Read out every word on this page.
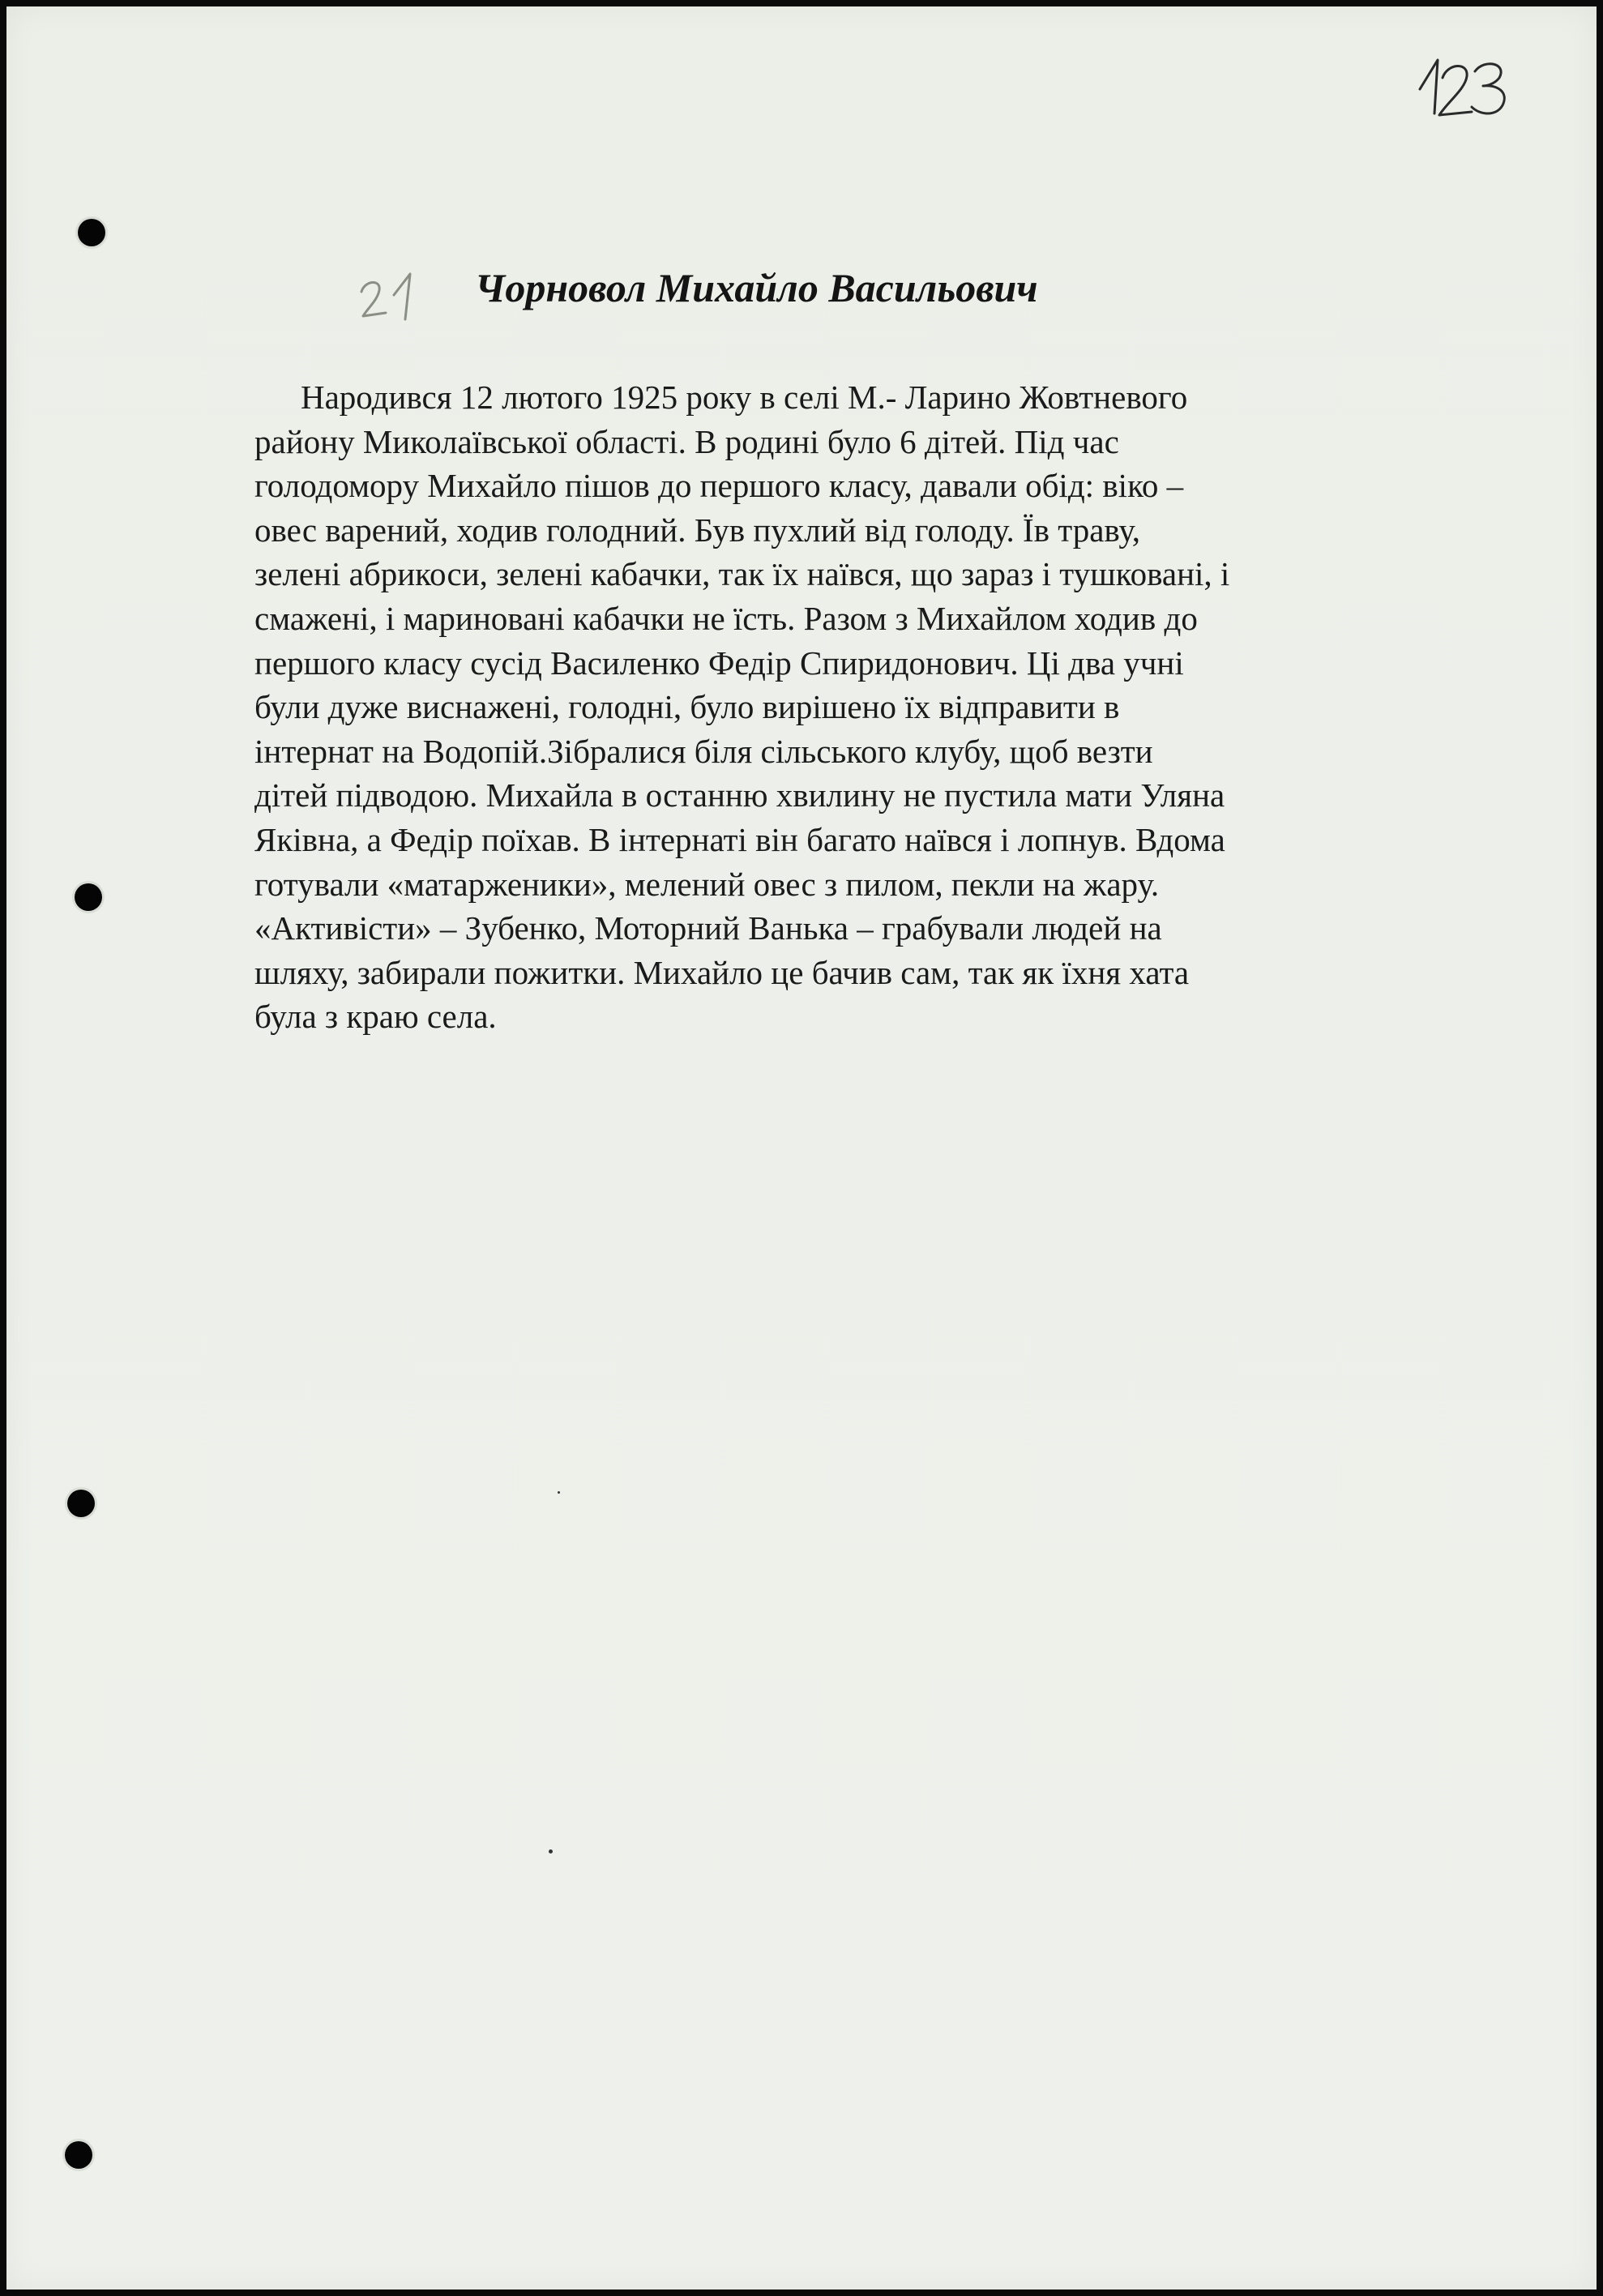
Чорновол Михайло Васильович
Народився 12 лютого 1925 року в селі М.- Ларино Жовтневого
району Миколаївської області. В родині було 6 дітей. Під час
голодомору Михайло пішов до першого класу, давали обід: віко –
овес варений, ходив голодний. Був пухлий від голоду. Їв траву,
зелені абрикоси, зелені кабачки, так їх наївся, що зараз і тушковані, і
смажені, і мариновані кабачки не їсть. Разом з Михайлом ходив до
першого класу сусід Василенко Федір Спиридонович. Ці два учні
були дуже виснажені, голодні, було вирішено їх відправити в
інтернат на Водопій.Зібралися біля сільського клубу, щоб везти
дітей підводою. Михайла в останню хвилину не пустила мати Уляна
Яківна, а Федір поїхав. В інтернаті він багато наївся і лопнув. Вдома
готували «матарженики», мелений овес з пилом, пекли на жару.
«Активісти» – Зубенко, Моторний Ванька – грабували людей на
шляху, забирали пожитки. Михайло це бачив сам, так як їхня хата
була з краю села.
